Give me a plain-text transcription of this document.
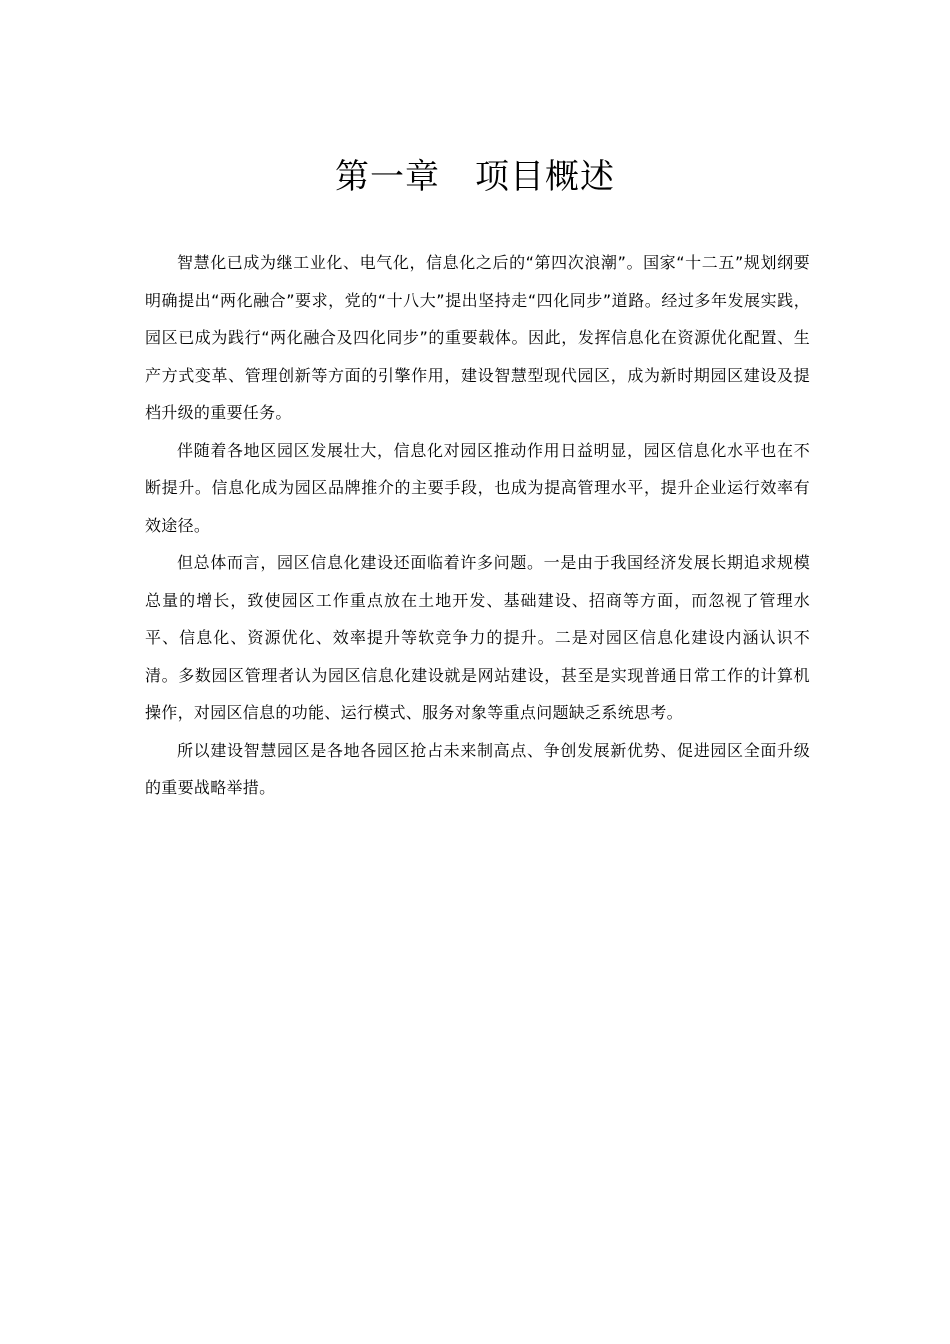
第一章　项目概述

智慧化已成为继工业化、电气化，信息化之后的“第四次浪潮”。国家“十二五”规划纲要明确提出“两化融合”要求，党的“十八大”提出坚持走“四化同步”道路。经过多年发展实践，园区已成为践行“两化融合及四化同步”的重要载体。因此，发挥信息化在资源优化配置、生产方式变革、管理创新等方面的引擎作用，建设智慧型现代园区，成为新时期园区建设及提档升级的重要任务。

伴随着各地区园区发展壮大，信息化对园区推动作用日益明显，园区信息化水平也在不断提升。信息化成为园区品牌推介的主要手段，也成为提高管理水平，提升企业运行效率有效途径。

但总体而言，园区信息化建设还面临着许多问题。一是由于我国经济发展长期追求规模总量的增长，致使园区工作重点放在土地开发、基础建设、招商等方面，而忽视了管理水平、信息化、资源优化、效率提升等软竞争力的提升。二是对园区信息化建设内涵认识不清。多数园区管理者认为园区信息化建设就是网站建设，甚至是实现普通日常工作的计算机操作，对园区信息的功能、运行模式、服务对象等重点问题缺乏系统思考。

所以建设智慧园区是各地各园区抢占未来制高点、争创发展新优势、促进园区全面升级的重要战略举措。
